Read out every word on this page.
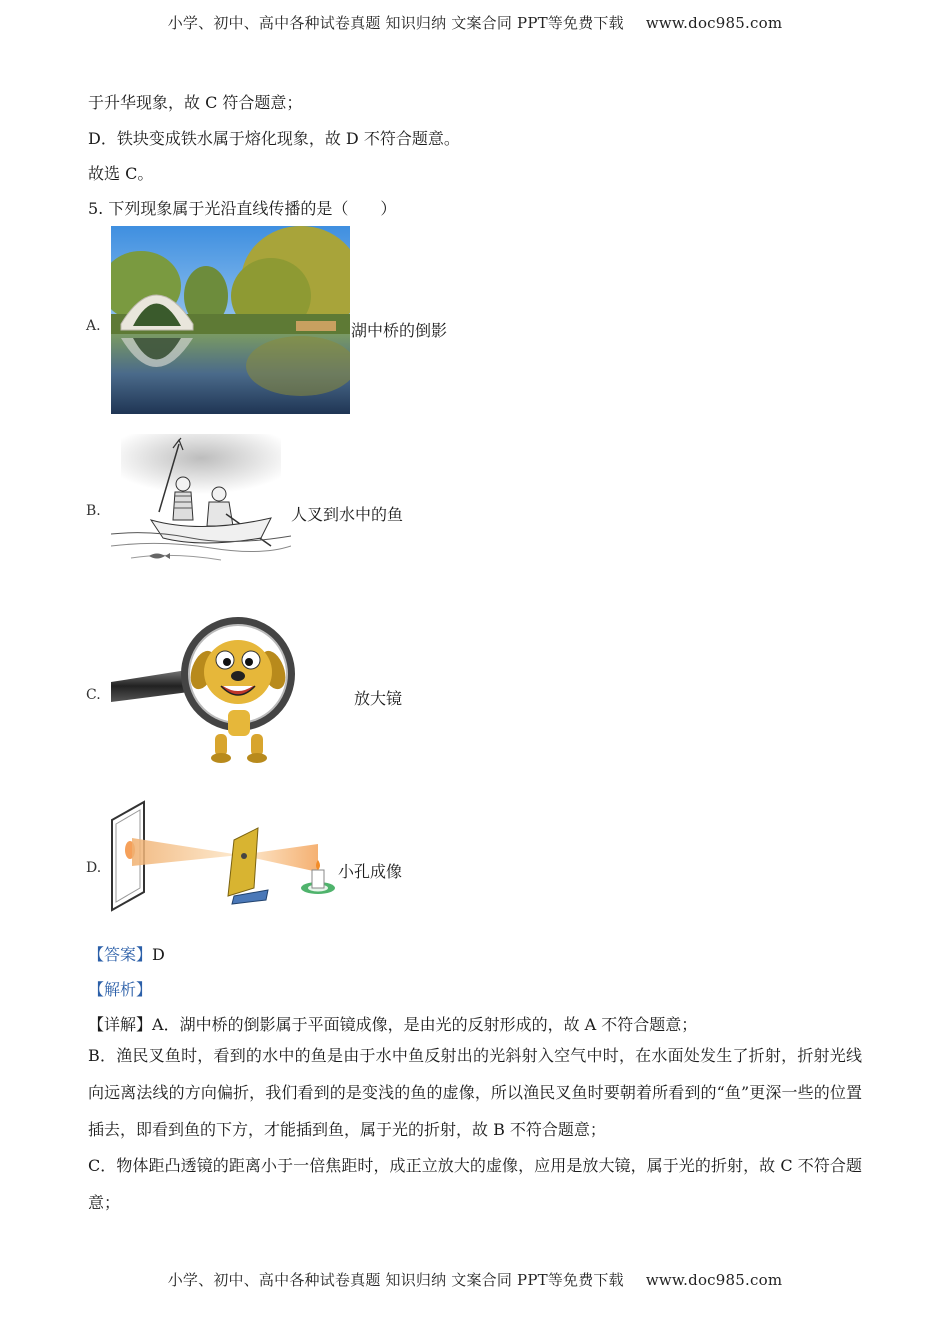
小学、初中、高中各种试卷真题 知识归纳 文案合同 PPT等免费下载 www.doc985.com
于升华现象，故 C 符合题意；
D．铁块变成铁水属于熔化现象，故 D 不符合题意。
故选 C。
5. 下列现象属于光沿直线传播的是（　　）
A.	湖中桥的倒影
B.	人叉到水中的鱼
C.	放大镜
D.	小孔成像
【答案】D
【解析】
【详解】A．湖中桥的倒影属于平面镜成像，是由光的反射形成的，故 A 不符合题意；
B．渔民叉鱼时，看到的水中的鱼是由于水中鱼反射出的光斜射入空气中时，在水面处发生了折射，折射光线向远离法线的方向偏折，我们看到的是变浅的鱼的虚像，所以渔民叉鱼时要朝着所看到的“鱼”更深一些的位置插去，即看到鱼的下方，才能插到鱼，属于光的折射，故 B 不符合题意；
C．物体距凸透镜的距离小于一倍焦距时，成正立放大的虚像，应用是放大镜，属于光的折射，故 C 不符合题意；
小学、初中、高中各种试卷真题 知识归纳 文案合同 PPT等免费下载 www.doc985.com
